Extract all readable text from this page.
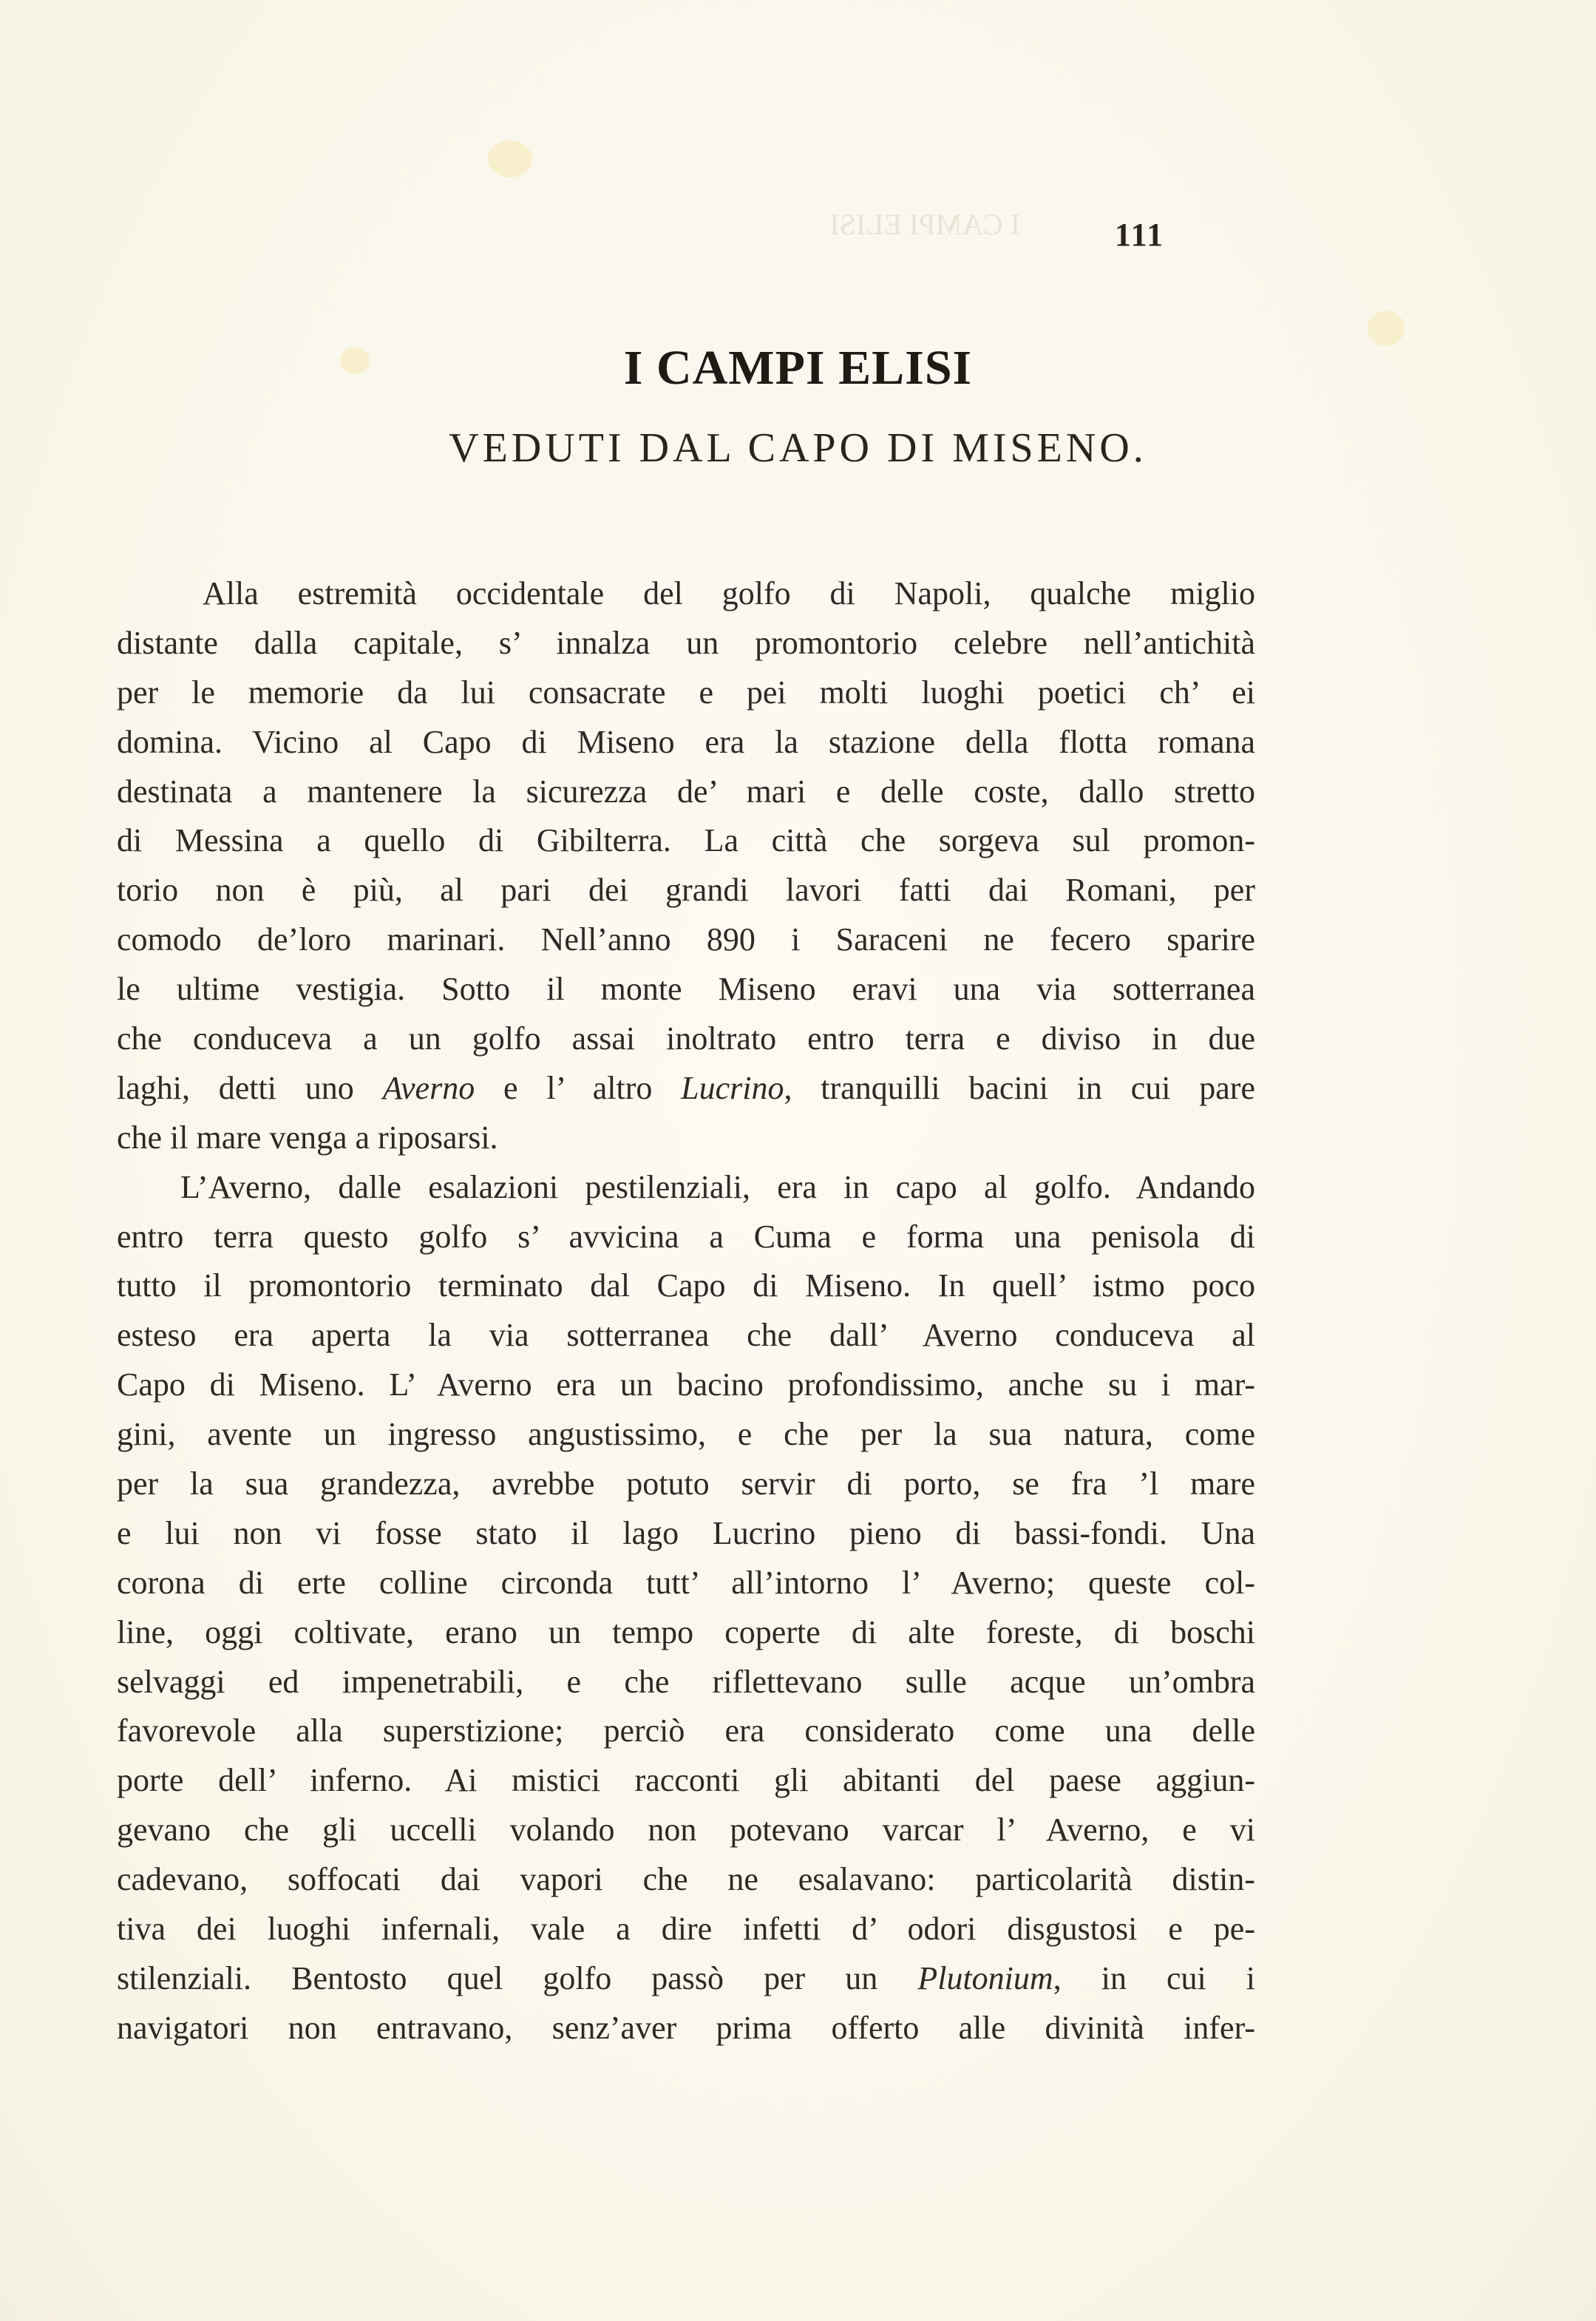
I CAMPI ELISI	111
I CAMPI ELISI
VEDUTI DAL CAPO DI MISENO.
Alla estremità occidentale del golfo di Napoli, qualche miglio
distante dalla capitale, s’ innalza un promontorio celebre nell’antichità
per le memorie da lui consacrate e pei molti luoghi poetici ch’ ei
domina. Vicino al Capo di Miseno era la stazione della flotta romana
destinata a mantenere la sicurezza de’ mari e delle coste, dallo stretto
di Messina a quello di Gibilterra. La città che sorgeva sul promon-
torio non è più, al pari dei grandi lavori fatti dai Romani, per
comodo de’loro marinari. Nell’anno 890 i Saraceni ne fecero sparire
le ultime vestigia. Sotto il monte Miseno eravi una via sotterranea
che conduceva a un golfo assai inoltrato entro terra e diviso in due
laghi, detti uno Averno e l’ altro Lucrino, tranquilli bacini in cui pare
che il mare venga a riposarsi.
L’Averno, dalle esalazioni pestilenziali, era in capo al golfo. Andando
entro terra questo golfo s’ avvicina a Cuma e forma una penisola di
tutto il promontorio terminato dal Capo di Miseno. In quell’ istmo poco
esteso era aperta la via sotterranea che dall’ Averno conduceva al
Capo di Miseno. L’ Averno era un bacino profondissimo, anche su i mar-
gini, avente un ingresso angustissimo, e che per la sua natura, come
per la sua grandezza, avrebbe potuto servir di porto, se fra ’l mare
e lui non vi fosse stato il lago Lucrino pieno di bassi-fondi. Una
corona di erte colline circonda tutt’ all’intorno l’ Averno; queste col-
line, oggi coltivate, erano un tempo coperte di alte foreste, di boschi
selvaggi ed impenetrabili, e che riflettevano sulle acque un’ombra
favorevole alla superstizione; perciò era considerato come una delle
porte dell’ inferno. Ai mistici racconti gli abitanti del paese aggiun-
gevano che gli uccelli volando non potevano varcar l’ Averno, e vi
cadevano, soffocati dai vapori che ne esalavano: particolarità distin-
tiva dei luoghi infernali, vale a dire infetti d’ odori disgustosi e pe-
stilenziali. Bentosto quel golfo passò per un Plutonium, in cui i
navigatori non entravano, senz’aver prima offerto alle divinità infer-
